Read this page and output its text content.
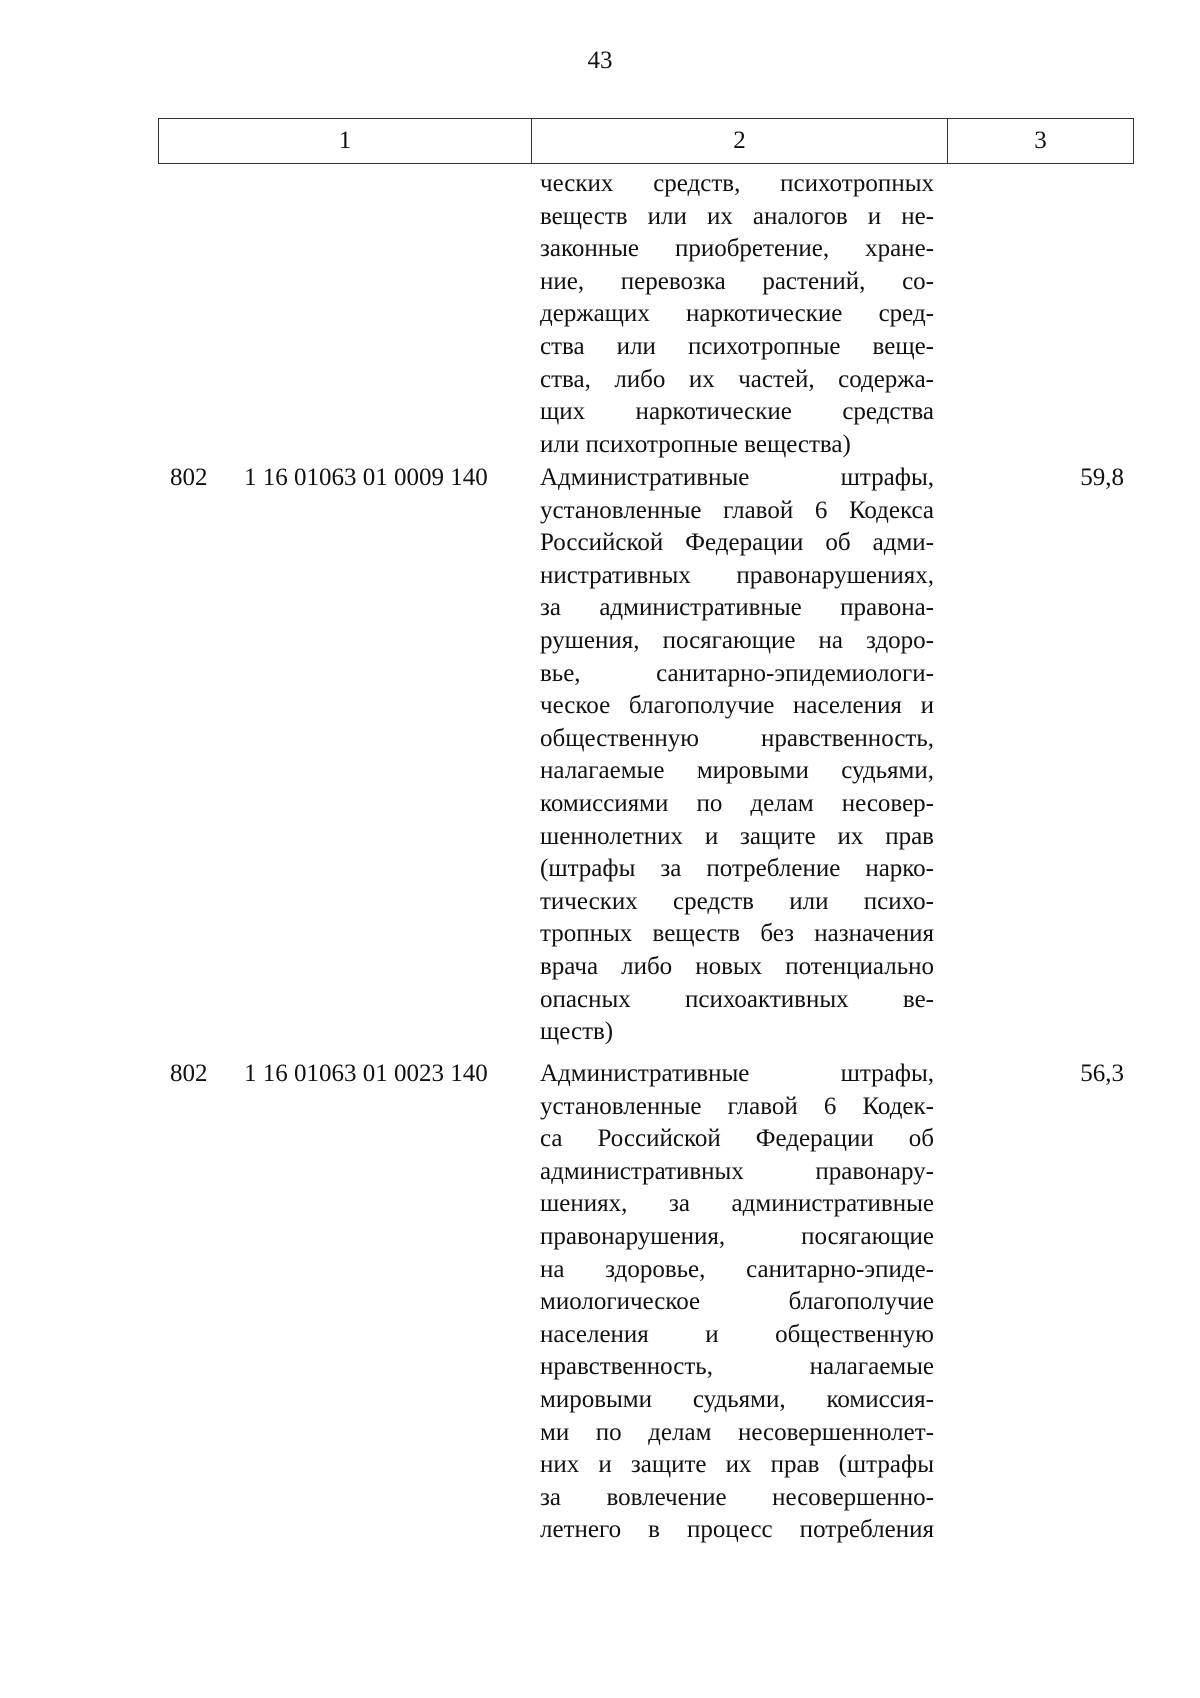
43
1	2	3
ческих средств, психотропных
веществ или их аналогов и не-
законные приобретение, хране-
ние, перевозка растений, со-
держащих наркотические сред-
ства или психотропные веще-
ства, либо их частей, содержа-
щих наркотические средства
или психотропные вещества)
802 1 16 01063 01 0009 140 Административные штрафы,
установленные главой 6 Кодекса
Российской Федерации об адми-
нистративных правонарушениях,
за административные правона-
рушения, посягающие на здоро-
вье, санитарно-эпидемиологи-
ческое благополучие населения и
общественную нравственность,
налагаемые мировыми судьями,
комиссиями по делам несовер-
шеннолетних и защите их прав
(штрафы за потребление нарко-
тических средств или психо-
тропных веществ без назначения
врача либо новых потенциально
опасных психоактивных ве-
ществ)
59,8
802 1 16 01063 01 0023 140 Административные штрафы,
установленные главой 6 Кодек-
са Российской Федерации об
административных правонару-
шениях, за административные
правонарушения, посягающие
на здоровье, санитарно-эпиде-
миологическое благополучие
населения и общественную
нравственность, налагаемые
мировыми судьями, комиссия-
ми по делам несовершеннолет-
них и защите их прав (штрафы
за вовлечение несовершенно-
летнего в процесс потребления
56,3
